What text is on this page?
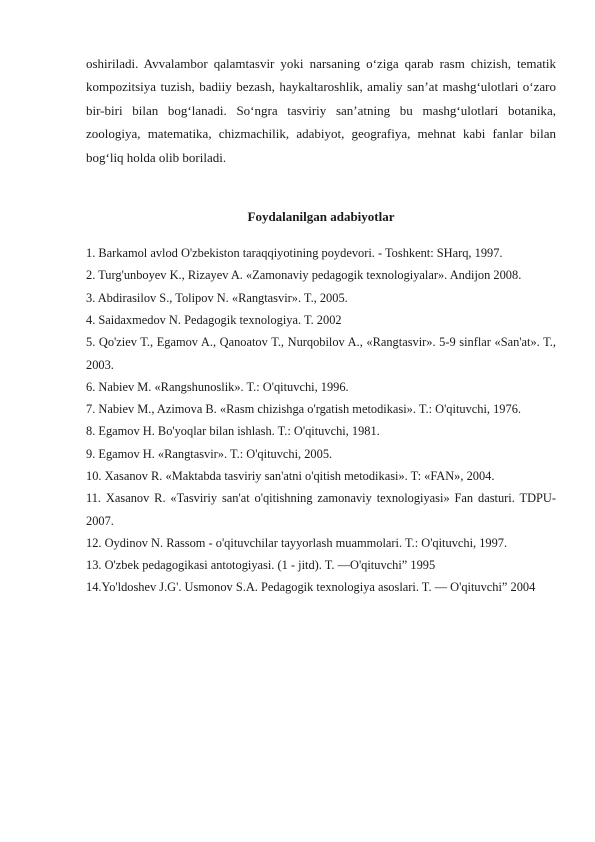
oshiriladi. Avvalambor qalamtasvir yoki narsaning o‘ziga qarab rasm chizish, tematik kompozitsiya tuzish, badiiy bezash, haykaltaroshlik, amaliy san’at mashg‘ulotlari o‘zaro bir-biri bilan bog‘lanadi. So‘ngra tasviriy san’atning bu mashg‘ulotlari botanika, zoologiya, matematika, chizmachilik, adabiyot, geografiya, mehnat kabi fanlar bilan bog‘liq holda olib boriladi.

Foydalanilgan adabiyotlar

1. Barkamol avlod O'zbekiston taraqqiyotining poydevori. - Toshkent: SHarq, 1997.

2. Turg'unboyev K., Rizayev A. «Zamonaviy pedagogik texnologiyalar». Andijon 2008.

3. Abdirasilov S., Tolipov N. «Rangtasvir». T., 2005.

4. Saidaxmedov N. Pedagogik texnologiya. T. 2002

5. Qo'ziev T., Egamov A., Qanoatov T., Nurqobilov A., «Rangtasvir». 5-9 sinflar «San'at». T., 2003.

6. Nabiev M. «Rangshunoslik». T.: O'qituvchi, 1996.

7. Nabiev M., Azimova B. «Rasm chizishga o'rgatish metodikasi». T.: O'qituvchi, 1976.

8. Egamov H. Bo'yoqlar bilan ishlash. T.: O'qituvchi, 1981.

9. Egamov H. «Rangtasvir». T.: O'qituvchi, 2005.

10. Xasanov R. «Maktabda tasviriy san'atni o'qitish metodikasi». T: «FAN», 2004.

11. Xasanov R. «Tasviriy san'at o'qitishning zamonaviy texnologiyasi» Fan dasturi. TDPU- 2007.

12. Oydinov N. Rassom - o'qituvchilar tayyorlash muammolari. T.: O'qituvchi, 1997.

13. O'zbek pedagogikasi antotogiyasi. (1 - jitd). T. ―O'qituvchi” 1995

14.Yo'ldoshev J.G'. Usmonov S.A. Pedagogik texnologiya asoslari. T. ― O'qituvchi” 2004
